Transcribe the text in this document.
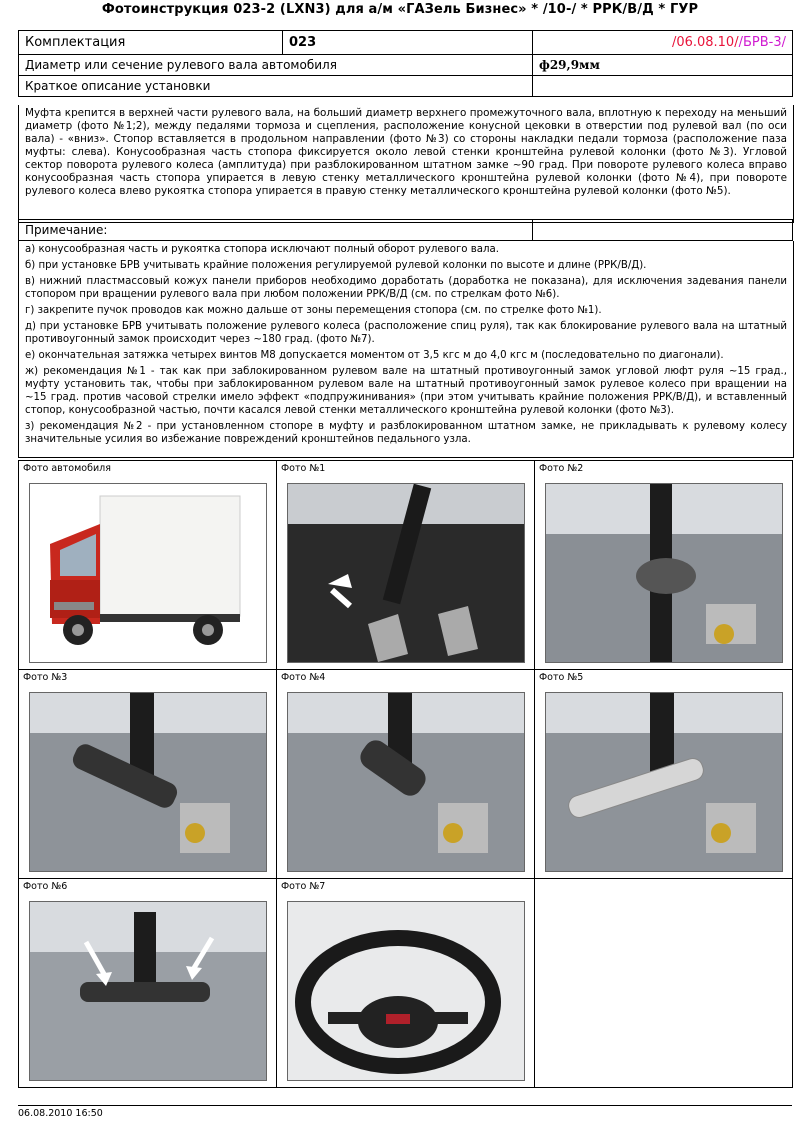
Фотоинструкция 023-2 (LXN3) для а/м «ГАЗель Бизнес» * /10-/ * РРК/В/Д * ГУР
Комплектация	023	/06.08.10//БРВ-3/
Диаметр или сечение рулевого вала автомобиля		ф29,9мм
Краткое описание установки		
Муфта крепится в верхней части рулевого вала, на больший диаметр верхнего промежуточного вала, вплотную к переходу на меньший диаметр (фото №1;2), между педалями тормоза и сцепления, расположение конусной цековки в отверстии под рулевой вал (по оси вала) - «вниз». Стопор вставляется в продольном направлении (фото №3) со стороны накладки педали тормоза (расположение паза муфты: слева). Конусообразная часть стопора фиксируется около левой стенки кронштейна рулевой колонки (фото №3). Угловой сектор поворота рулевого колеса (амплитуда) при разблокированном штатном замке ~90 град. При повороте рулевого колеса вправо конусообразная часть стопора упирается в левую стенку металлического кронштейна рулевой колонки (фото №4), при повороте рулевого колеса влево рукоятка стопора упирается в правую стенку металлического кронштейна рулевой колонки (фото №5).
Примечание:	

а) конусообразная часть и рукоятка стопора исключают полный оборот рулевого вала.

б) при установке БРВ учитывать крайние положения регулируемой рулевой колонки по высоте и длине (РРК/В/Д).

в) нижний пластмассовый кожух панели приборов необходимо доработать (доработка не показана), для исключения задевания панели стопором при вращении рулевого вала при любом положении РРК/В/Д (см. по стрелкам фото №6).

г) закрепите пучок проводов как можно дальше от зоны перемещения стопора (см. по стрелке фото №1).

д) при установке БРВ учитывать положение рулевого колеса (расположение спиц руля), так как блокирование рулевого вала на штатный противоугонный замок происходит через ~180 град. (фото №7).

е) окончательная затяжка четырех винтов М8 допускается моментом от 3,5 кгс м до 4,0 кгс м (последовательно по диагонали).

ж) рекомендация №1 - так как при заблокированном рулевом вале на штатный противоугонный замок угловой люфт руля ~15 град., муфту установить так, чтобы при заблокированном рулевом вале на штатный противоугонный замок рулевое колесо при вращении на ~15 град. против часовой стрелки имело эффект «подпружинивания» (при этом учитывать крайние положения РРК/В/Д), и вставленный стопор, конусообразной частью, почти касался левой стенки металлического кронштейна рулевой колонки (фото №3).

з) рекомендация №2 - при установленном стопоре в муфту и разблокированном штатном замке, не прикладывать к рулевому колесу значительные усилия во избежание повреждений кронштейнов педального узла.

Фото автомобиля	Фото №1	Фото №2

Фото №3	Фото №4	Фото №5

Фото №6	Фото №7	

06.08.2010 16:50
